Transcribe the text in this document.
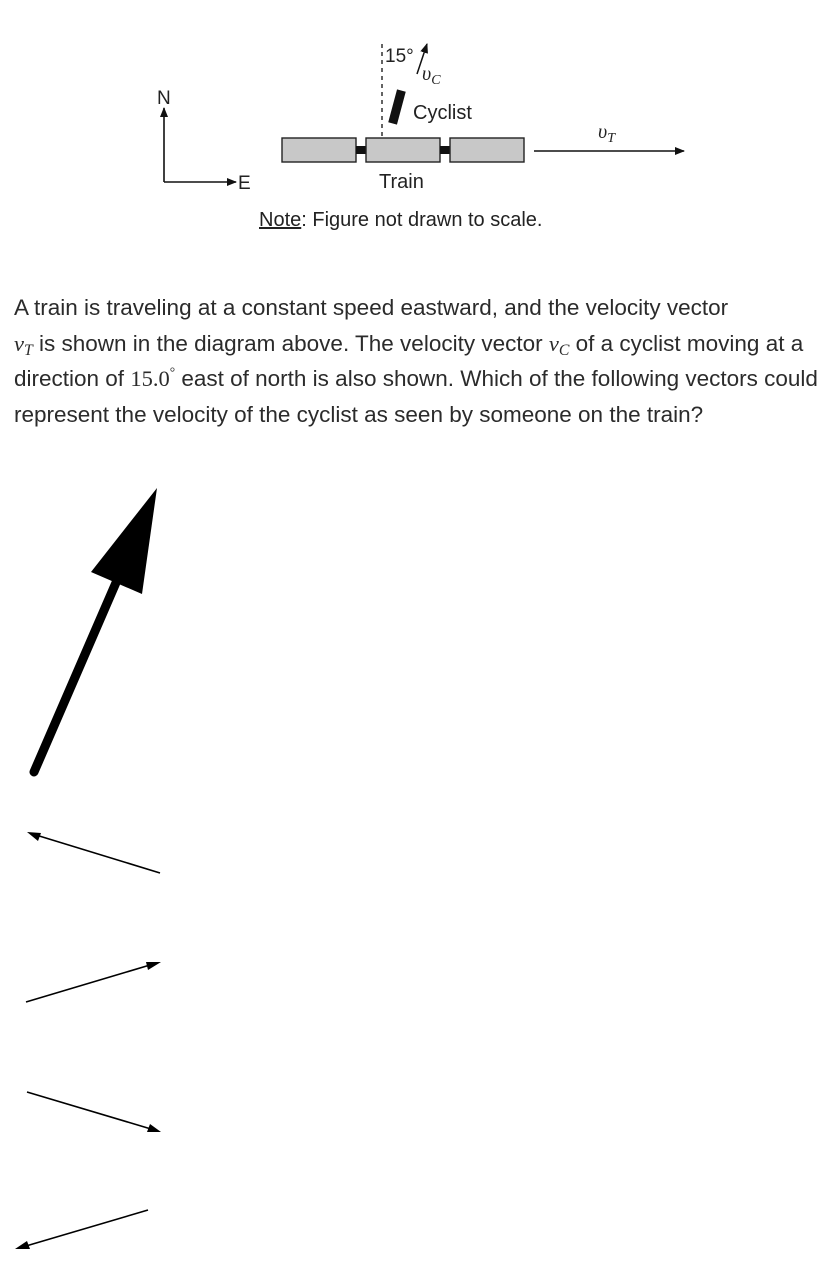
N
E	Train
$\upsilon_T$
15°
$\upsilon_C$
Cyclist
Note: Figure not drawn to scale.

A train is traveling at a constant speed eastward, and the velocity vector
$v_T$ is shown in the diagram above. The velocity vector $v_C$ of a cyclist moving at a direction of 15.0° east of north is also shown. Which of the following vectors could represent the velocity of the cyclist as seen by someone on the train?
